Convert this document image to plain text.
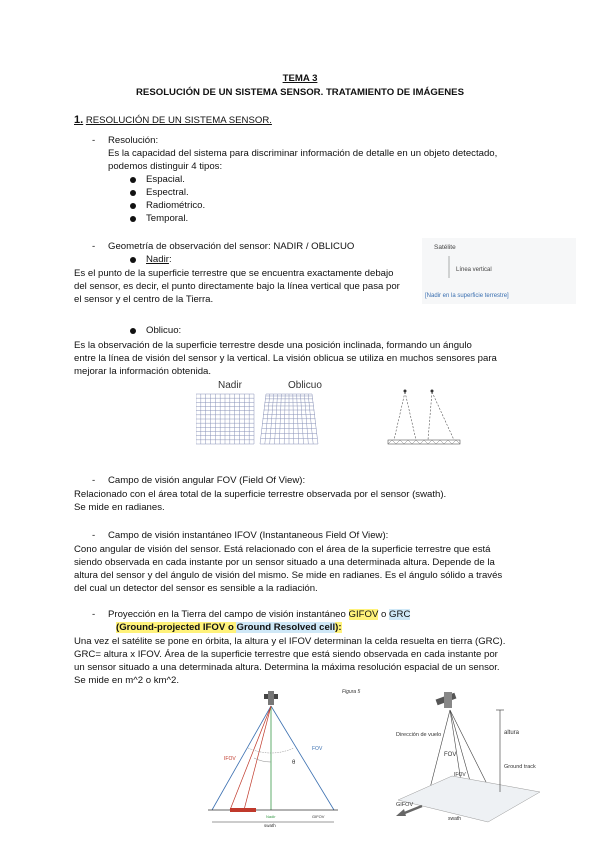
TEMA 3
RESOLUCIÓN DE UN SISTEMA SENSOR. TRATAMIENTO DE IMÁGENES
1. RESOLUCIÓN DE UN SISTEMA SENSOR.
-	Resolución:
Es la capacidad del sistema para discriminar información de detalle en un objeto detectado,
podemos distinguir 4 tipos:
Espacial.
Espectral.
Radiométrico.
Temporal.
-	Geometría de observación del sensor: NADIR / OBLICUO
Nadir:
Es el punto de la superficie terrestre que se encuentra exactamente debajo
del sensor, es decir, el punto directamente bajo la línea vertical que pasa por
el sensor y el centro de la Tierra.
Satélite
Línea vertical
[Nadir en la superficie terrestre]
Oblicuo:
Es la observación de la superficie terrestre desde una posición inclinada, formando un ángulo
entre la línea de visión del sensor y la vertical. La visión oblicua se utiliza en muchos sensores para
mejorar la información obtenida.
Nadir	Oblicuo
-	Campo de visión angular FOV (Field Of View):
Relacionado con el área total de la superficie terrestre observada por el sensor (swath).
Se mide en radianes.
-	Campo de visión instantáneo IFOV (Instantaneous Field Of View):
Cono angular de visión del sensor. Está relacionado con el área de la superficie terrestre que está
siendo observada en cada instante por un sensor situado a una determinada altura. Depende de la
altura del sensor y del ángulo de visión del mismo. Se mide en radianes. Es el ángulo sólido a través
del cual un detector del sensor es sensible a la radiación.
-	Proyección en la Tierra del campo de visión instantáneo GIFOV o GRC
(Ground-projected IFOV o Ground Resolved cell):
Una vez el satélite se pone en órbita, la altura y el IFOV determinan la celda resuelta en tierra (GRC).
GRC= altura x IFOV. Área de la superficie terrestre que está siendo observada en cada instante por
un sensor situado a una determinada altura. Determina la máxima resolución espacial de un sensor.
Se mide en m^2 o km^2.
Figura 5
IFOV
FOV
θ
Nadir
swath
GIFOV
altura
Dirección de vuelo
FOV
IFOV
Ground track
GIFOV
swath
